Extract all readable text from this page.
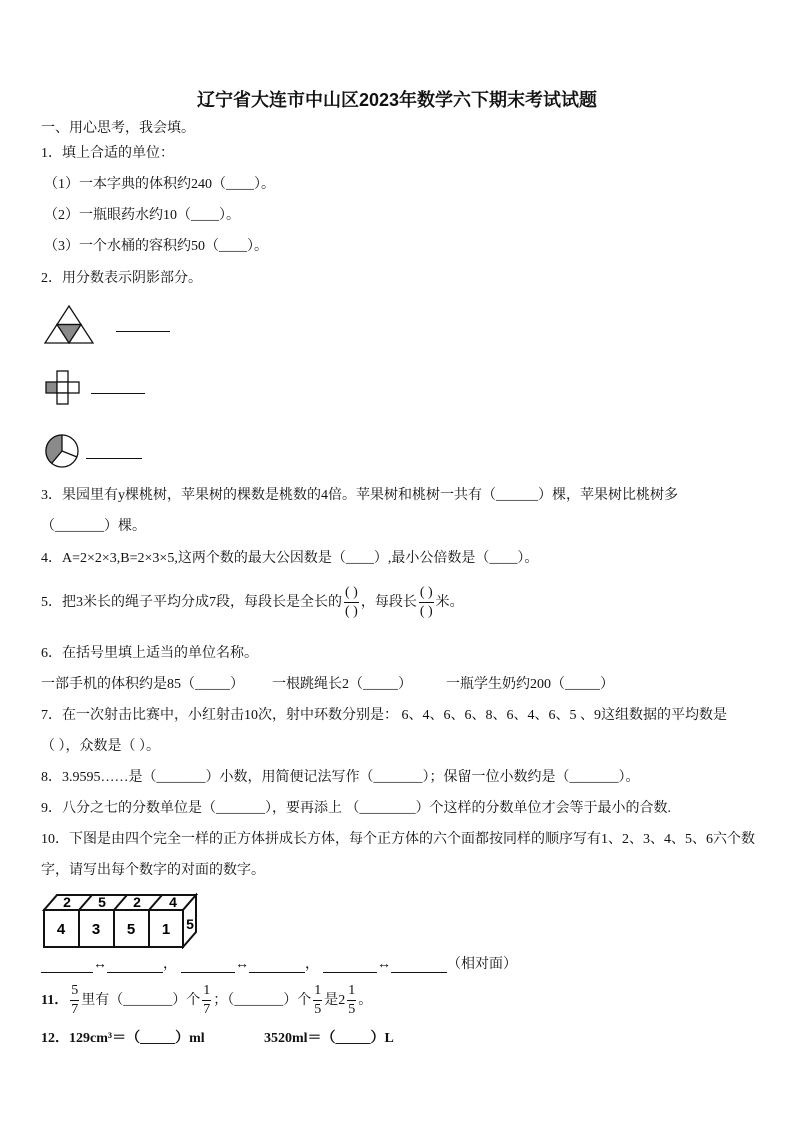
辽宁省大连市中山区2023年数学六下期末考试试题
一、用心思考，我会填。
1．填上合适的单位：
（1）一本字典的体积约240（____）。
（2）一瓶眼药水约10（____）。
（3）一个水桶的容积约50（____）。
2．用分数表示阴影部分。
3．果园里有y棵桃树，苹果树的棵数是桃数的4倍。苹果树和桃树一共有（______）棵，苹果树比桃树多
（_______）棵。
4．A=2×2×3,B=2×3×5,这两个数的最大公因数是（____）,最小公倍数是（____）。
5．把3米长的绳子平均分成7段，每段长是全长的 $\frac{( )}{( )}$ ，每段长 $\frac{( )}{( )}$ 米。
6．在括号里填上适当的单位名称。
一部手机的体积约是85（_____） 一根跳绳长2（_____） 一瓶学生奶约200（_____）
7．在一次射击比赛中，小红射击10次，射中环数分别是： 6、4、6、6、8、6、4、6、5 、9这组数据的平均数是
（ ），众数是（ ）。
8．3.9595……是（_______）小数，用简便记法写作（_______）；保留一位小数约是（_______）。
9．八分之七的分数单位是（_______），要再添上 （________）个这样的分数单位才会等于最小的合数.
10．下图是由四个完全一样的正方体拼成长方体，每个正方体的六个面都按同样的顺序写有1、2、3、4、5、6六个数
字，请写出每个数字的对面的数字。
2 5 2 4
4 3 5 1 5
↔	，	↔	，	↔	（相对面）
11． $\frac{5}{7}$ 里有（_______）个 $\frac{1}{7}$ ；（_______）个 $\frac{1}{5}$ 是$2 \frac{1}{5}$ 。
12．129cm³＝（_____）ml	3520ml＝（_____）L
